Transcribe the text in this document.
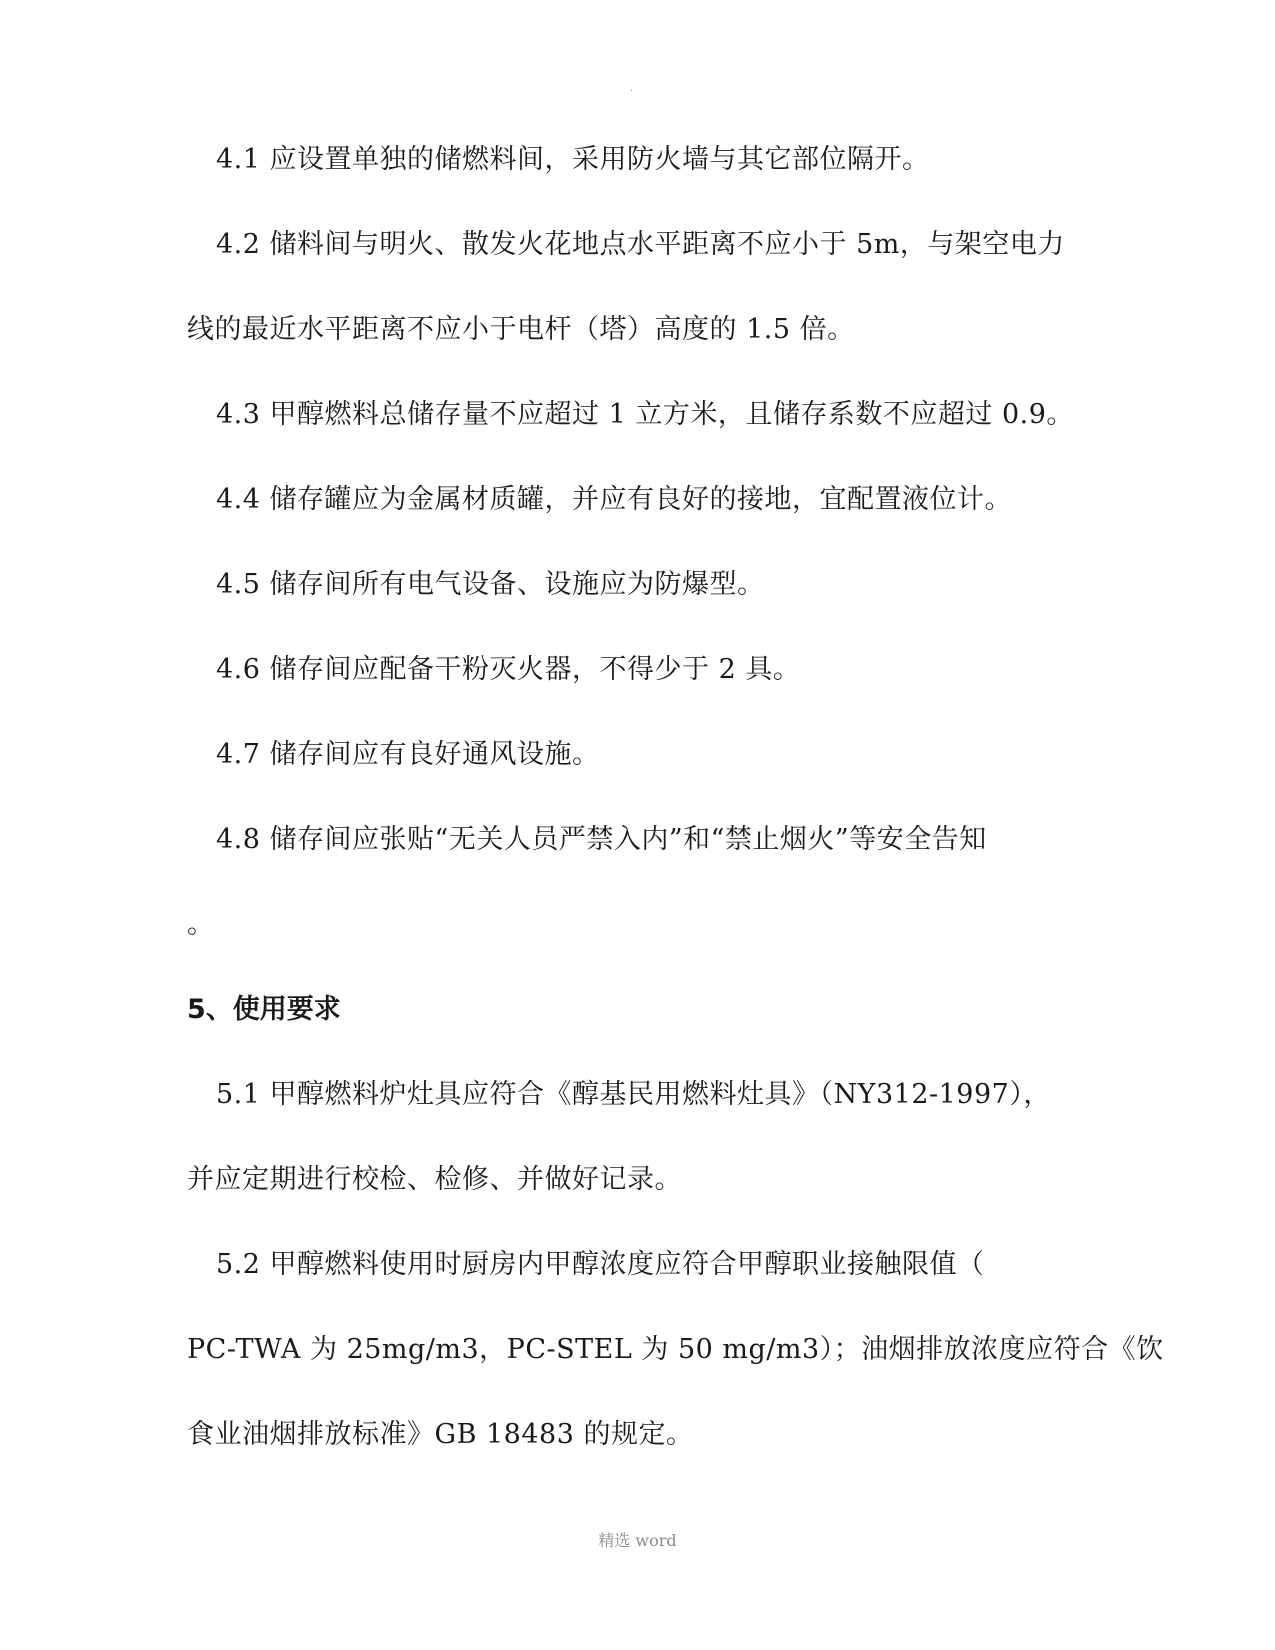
.
4.1 应设置单独的储燃料间，采用防火墙与其它部位隔开。
4.2 储料间与明火、散发火花地点水平距离不应小于 5m，与架空电力
线的最近水平距离不应小于电杆（塔）高度的 1.5 倍。
4.3 甲醇燃料总储存量不应超过 1 立方米，且储存系数不应超过 0.9。
4.4 储存罐应为金属材质罐，并应有良好的接地，宜配置液位计。
4.5 储存间所有电气设备、设施应为防爆型。
4.6 储存间应配备干粉灭火器，不得少于 2 具。
4.7 储存间应有良好通风设施。
4.8 储存间应张贴“无关人员严禁入内”和“禁止烟火”等安全告知
。
5、使用要求
5.1 甲醇燃料炉灶具应符合《醇基民用燃料灶具》（NY312-1997），
并应定期进行校检、检修、并做好记录。
5.2 甲醇燃料使用时厨房内甲醇浓度应符合甲醇职业接触限值（
PC-TWA 为 25mg/m3，PC-STEL 为 50 mg/m3）；油烟排放浓度应符合《饮
食业油烟排放标准》GB 18483 的规定。
精选 word
